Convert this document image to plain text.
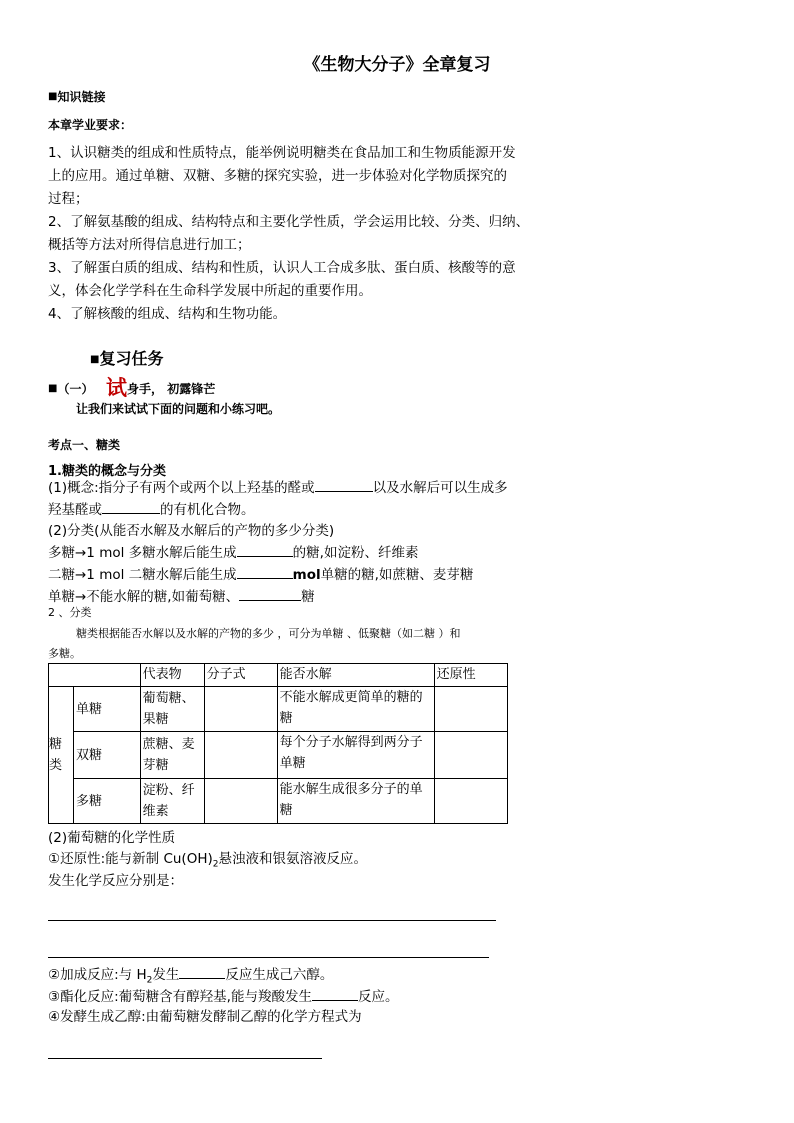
《生物大分子》全章复习
■知识链接
本章学业要求：
1、认识糖类的组成和性质特点，能举例说明糖类在食品加工和生物质能源开发
上的应用。通过单糖、双糖、多糖的探究实验，进一步体验对化学物质探究的
过程；
2、了解氨基酸的组成、结构特点和主要化学性质，学会运用比较、分类、归纳、
概括等方法对所得信息进行加工；
3、了解蛋白质的组成、结构和性质，认识人工合成多肽、蛋白质、核酸等的意
义，体会化学学科在生命科学发展中所起的重要作用。
4、了解核酸的组成、结构和生物功能。
■复习任务
■（一） 试身手， 初露锋芒
让我们来试试下面的问题和小练习吧。
考点一、糖类
1.糖类的概念与分类
(1)概念:指分子有两个或两个以上羟基的醛或	以及水解后可以生成多
羟基醛或	的有机化合物。
(2)分类(从能否水解及水解后的产物的多少分类)
多糖→1 mol 多糖水解后能生成	的糖,如淀粉、纤维素
二糖→1 mol 二糖水解后能生成	mol单糖的糖,如蔗糖、麦芽糖
单糖→不能水解的糖,如葡萄糖、	糖
2 、分类
糖类根据能否水解以及水解的产物的多少 ，可分为单糖 、低聚糖（如二糖 ）和
多糖。
		代表物	分子式	能否水解	还原性
糖类	单糖	葡萄糖、果糖		不能水解成更简单的糖的
糖	

	双糖	蔗糖、麦芽糖		每个分子水解得到两分子
单糖	

	多糖	淀粉、纤维素		能水解生成很多分子的单
糖	

(2)葡萄糖的化学性质
①还原性:能与新制 $Cu(OH)_2$悬浊液和银氨溶液反应。
发生化学反应分别是：
②加成反应:与 $H_2$发生	反应生成己六醇。
③酯化反应:葡萄糖含有醇羟基,能与羧酸发生	反应。
④发酵生成乙醇:由葡萄糖发酵制乙醇的化学方程式为
